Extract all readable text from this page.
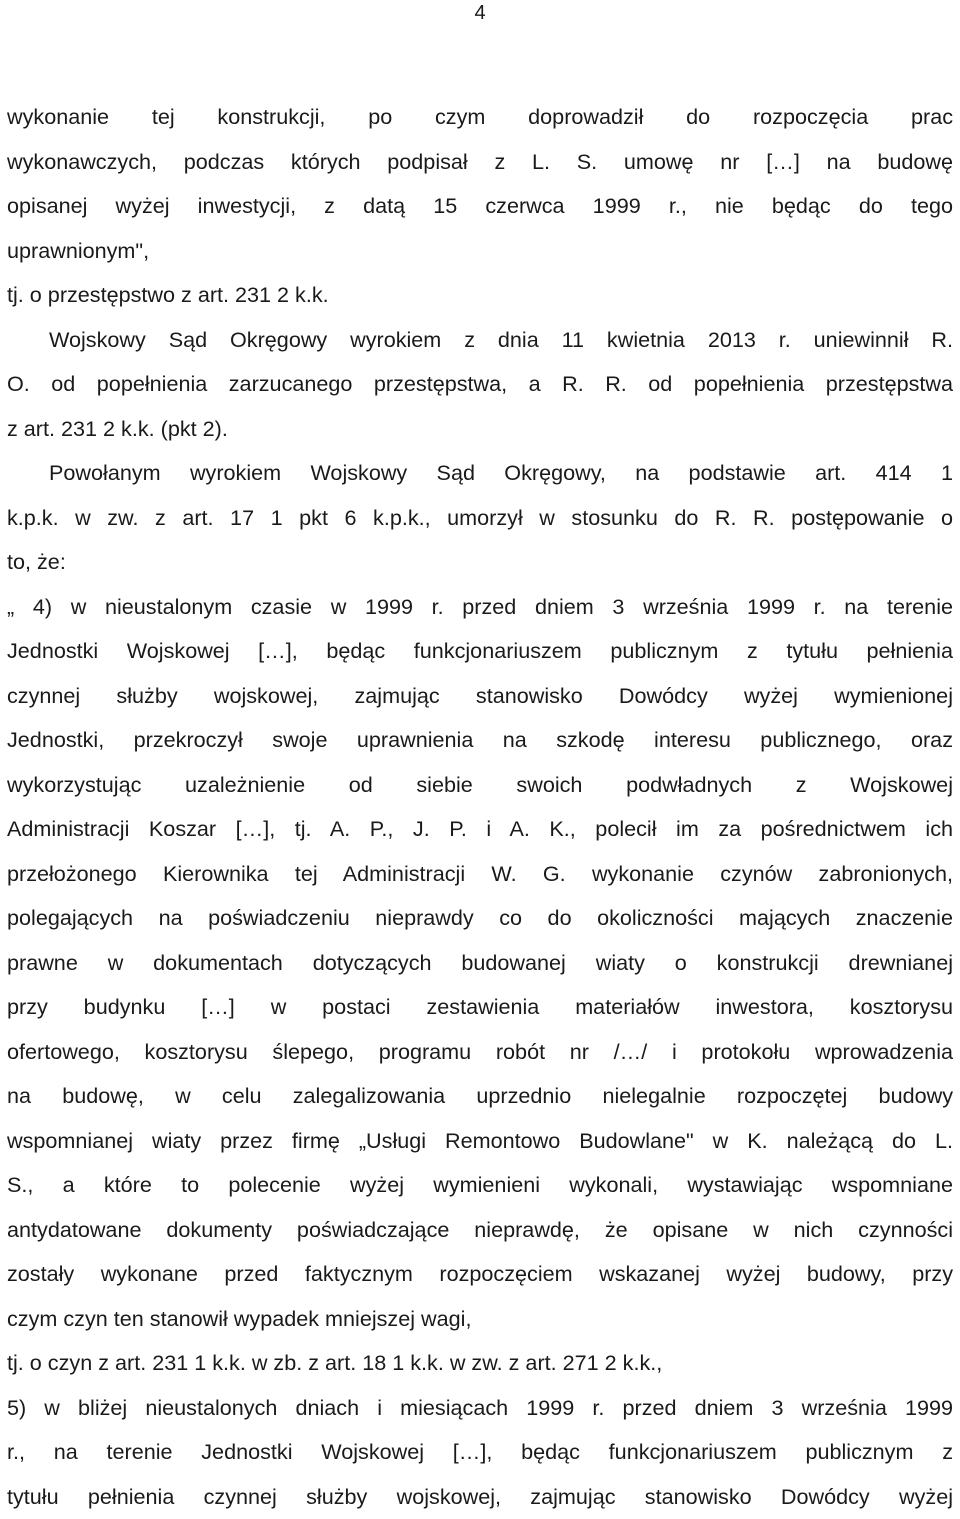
4
wykonanie tej konstrukcji, po czym doprowadził do rozpoczęcia prac
wykonawczych, podczas których podpisał z L. S. umowę nr […] na budowę
opisanej wyżej inwestycji, z datą 15 czerwca 1999 r., nie będąc do tego
uprawnionym",
tj. o przestępstwo z art. 231 2 k.k.
Wojskowy Sąd Okręgowy wyrokiem z dnia 11 kwietnia 2013 r. uniewinnił R.
O. od popełnienia zarzucanego przestępstwa, a R. R. od popełnienia przestępstwa
z art. 231 2 k.k. (pkt 2).
Powołanym wyrokiem Wojskowy Sąd Okręgowy, na podstawie art. 414 1
k.p.k. w zw. z art. 17 1 pkt 6 k.p.k., umorzył w stosunku do R. R. postępowanie o
to, że:
„ 4) w nieustalonym czasie w 1999 r. przed dniem 3 września 1999 r. na terenie
Jednostki Wojskowej […], będąc funkcjonariuszem publicznym z tytułu pełnienia
czynnej służby wojskowej, zajmując stanowisko Dowódcy wyżej wymienionej
Jednostki, przekroczył swoje uprawnienia na szkodę interesu publicznego, oraz
wykorzystując uzależnienie od siebie swoich podwładnych z Wojskowej
Administracji Koszar […], tj. A. P., J. P. i A. K., polecił im za pośrednictwem ich
przełożonego Kierownika tej Administracji W. G. wykonanie czynów zabronionych,
polegających na poświadczeniu nieprawdy co do okoliczności mających znaczenie
prawne w dokumentach dotyczących budowanej wiaty o konstrukcji drewnianej
przy budynku […] w postaci zestawienia materiałów inwestora, kosztorysu
ofertowego, kosztorysu ślepego, programu robót nr /…/ i protokołu wprowadzenia
na budowę, w celu zalegalizowania uprzednio nielegalnie rozpoczętej budowy
wspomnianej wiaty przez firmę „Usługi Remontowo Budowlane" w K. należącą do L.
S., a które to polecenie wyżej wymienieni wykonali, wystawiając wspomniane
antydatowane dokumenty poświadczające nieprawdę, że opisane w nich czynności
zostały wykonane przed faktycznym rozpoczęciem wskazanej wyżej budowy, przy
czym czyn ten stanowił wypadek mniejszej wagi,
tj. o czyn z art. 231 1 k.k. w zb. z art. 18 1 k.k. w zw. z art. 271 2 k.k.,
5) w bliżej nieustalonych dniach i miesiącach 1999 r. przed dniem 3 września 1999
r., na terenie Jednostki Wojskowej […], będąc funkcjonariuszem publicznym z
tytułu pełnienia czynnej służby wojskowej, zajmując stanowisko Dowódcy wyżej
